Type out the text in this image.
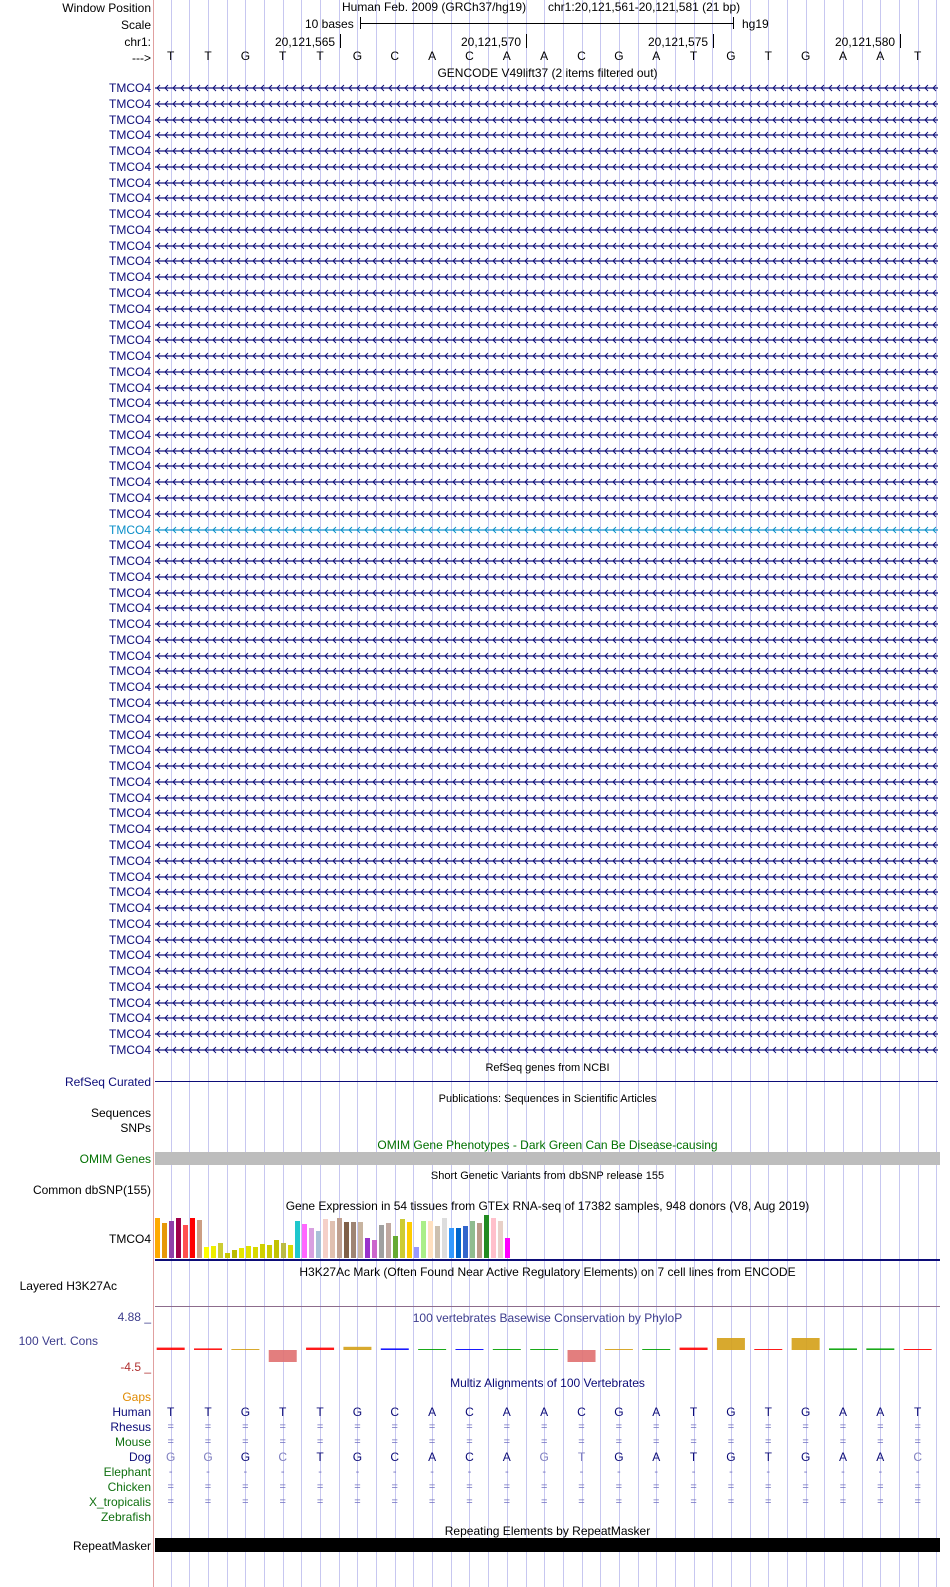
Window Position
Scale
chr1:
--->
Human Feb. 2009 (GRCh37/hg19) chr1:20,121,561-20,121,581 (21 bp)
10 bases	hg19
20,121,565	20,121,570	20,121,575	20,121,580
T	T	G	T	T	G	C	A	C	A	A	C	G	A	T	G	T	G	A	A	T
GENCODE V49lift37 (2 items filtered out)
TMCO4
TMCO4
TMCO4
TMCO4
TMCO4
TMCO4
TMCO4
TMCO4
TMCO4
TMCO4
TMCO4
TMCO4
TMCO4
TMCO4
TMCO4
TMCO4
TMCO4
TMCO4
TMCO4
TMCO4
TMCO4
TMCO4
TMCO4
TMCO4
TMCO4
TMCO4
TMCO4
TMCO4
TMCO4
TMCO4
TMCO4
TMCO4
TMCO4
TMCO4
TMCO4
TMCO4
TMCO4
TMCO4
TMCO4
TMCO4
TMCO4
TMCO4
TMCO4
TMCO4
TMCO4
TMCO4
TMCO4
TMCO4
TMCO4
TMCO4
TMCO4
TMCO4
TMCO4
TMCO4
TMCO4
TMCO4
TMCO4
TMCO4
TMCO4
TMCO4
TMCO4
TMCO4
RefSeq genes from NCBI
RefSeq Curated
Publications: Sequences in Scientific Articles
Sequences
SNPs
OMIM Gene Phenotypes - Dark Green Can Be Disease-causing
OMIM Genes
Short Genetic Variants from dbSNP release 155
Common dbSNP(155)
Gene Expression in 54 tissues from GTEx RNA-seq of 17382 samples, 948 donors (V8, Aug 2019)
TMCO4
H3K27Ac Mark (Often Found Near Active Regulatory Elements) on 7 cell lines from ENCODE
Layered H3K27Ac
100 vertebrates Basewise Conservation by PhyloP
4.88 _
100 Vert. Cons
-4.5 _
Multiz Alignments of 100 Vertebrates
Gaps
Human	T	T	G	T	T	G	C	A	C	A	A	C	G	A	T	G	T	G	A	A	T
Rhesus	=	=	=	=	=	=	=	=	=	=	=	=	=	=	=	=	=	=	=	=	=
Mouse	=	=	=	=	=	=	=	=	=	=	=	=	=	=	=	=	=	=	=	=	=
Dog	G	G	G	C	T	G	C	A	C	A	G	T	G	A	T	G	T	G	A	A	C
Elephant	-	-	-	-	-	-	-	-	-	-	-	-	-	-	-	-	-	-	-	-	-
Chicken	=	=	=	=	=	=	=	=	=	=	=	=	=	=	=	=	=	=	=	=	=
X_tropicalis	=	=	=	=	=	=	=	=	=	=	=	=	=	=	=	=	=	=	=	=	=
Zebrafish
Repeating Elements by RepeatMasker
RepeatMasker
